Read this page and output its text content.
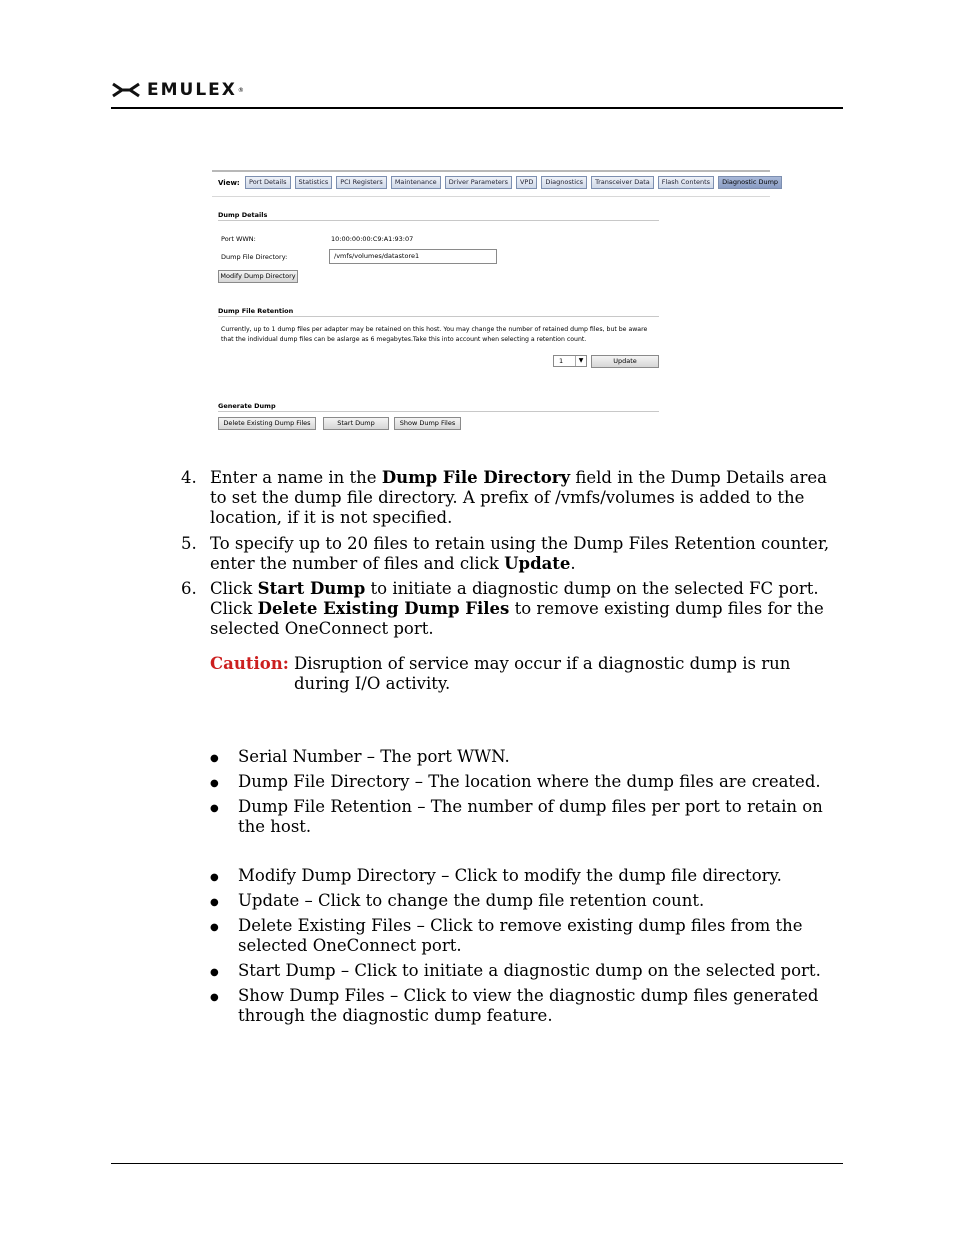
EMULEX ®
View:	Port Details	Statistics	PCI Registers	Maintenance	Driver Parameters	VPD	Diagnostics	Transceiver Data	Flash Contents	Diagnostic Dump
Dump Details
Port WWN:	10:00:00:00:C9:A1:93:07
Dump File Directory:	/vmfs/volumes/datastore1
Modify Dump Directory
Dump File Retention
Currently, up to 1 dump files per adapter may be retained on this host. You may change the number of retained dump files, but be aware that the individual dump files can be aslarge as 6 megabytes.Take this into account when selecting a retention count.
1	▼	Update
Generate Dump
Delete Existing Dump Files	Start Dump	Show Dump Files
4. Enter a name in the Dump File Directory field in the Dump Details area to set the dump file directory. A prefix of /vmfs/volumes is added to the location, if it is not specified.
5. To specify up to 20 files to retain using the Dump Files Retention counter, enter the number of files and click Update.
6. Click Start Dump to initiate a diagnostic dump on the selected FC port. Click Delete Existing Dump Files to remove existing dump files for the selected OneConnect port.
Caution: Disruption of service may occur if a diagnostic dump is run during I/O activity.
● Serial Number – The port WWN.
● Dump File Directory – The location where the dump files are created.
● Dump File Retention – The number of dump files per port to retain on the host.
● Modify Dump Directory – Click to modify the dump file directory.
● Update – Click to change the dump file retention count.
● Delete Existing Files – Click to remove existing dump files from the selected OneConnect port.
● Start Dump – Click to initiate a diagnostic dump on the selected port.
● Show Dump Files – Click to view the diagnostic dump files generated through the diagnostic dump feature.
